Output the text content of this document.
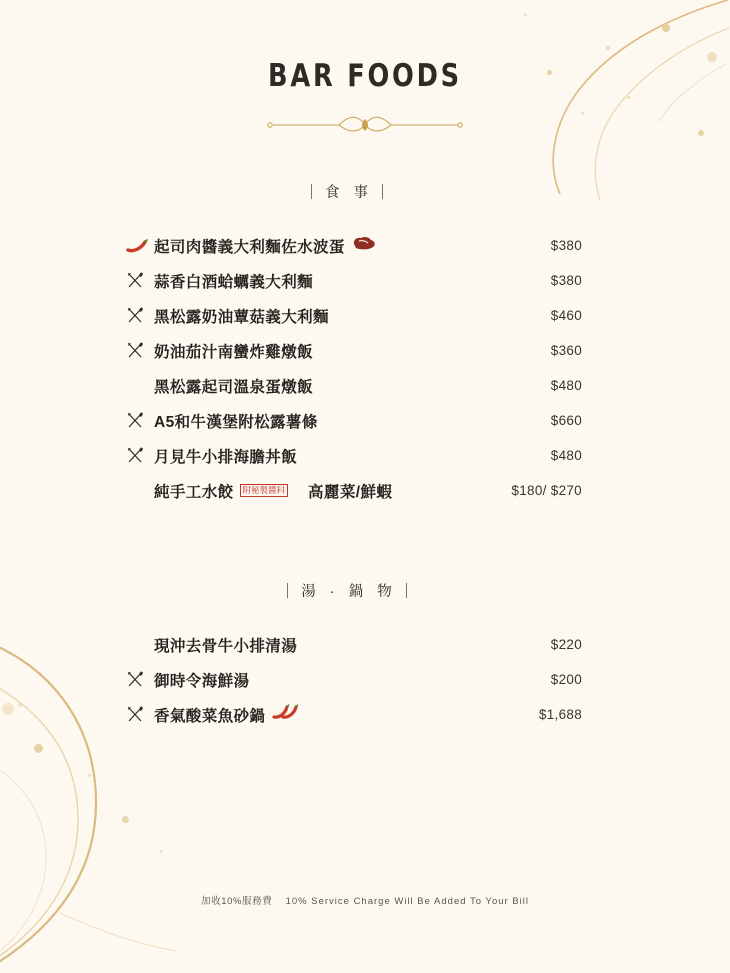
BAR FOODS
食 事
起司肉醬義大利麵佐水波蛋	$380
蒜香白酒蛤蠣義大利麵	$380
黑松露奶油蕈菇義大利麵	$460
奶油茄汁南蠻炸雞燉飯	$360
黑松露起司溫泉蛋燉飯	$480
A5和牛漢堡附松露薯條	$660
月見牛小排海膽丼飯	$480
純手工水餃	附秘製醬料 高麗菜/鮮蝦	$180/ $270
湯 · 鍋 物
現沖去骨牛小排清湯	$220
御時令海鮮湯	$200
香氣酸菜魚砂鍋	$1,688
加收10%服務費 10% Service Charge Will Be Added To Your Bill
